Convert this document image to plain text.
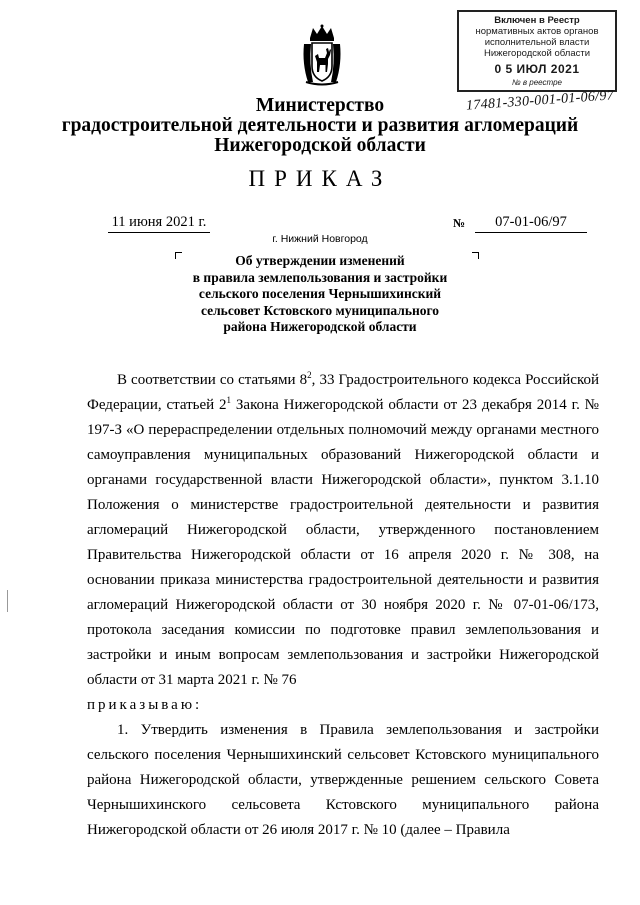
Включен в Реестр
нормативных актов органов
исполнительной власти
Нижегородской области
0 5 ИЮЛ 2021
№ в реестре
17481-330-001-01-06/97
Министерство
градостроительной деятельности и развития агломераций
Нижегородской области
ПРИКАЗ
11 июня 2021 г.	№	07-01-06/97
г. Нижний Новгород
Об утверждении изменений
в правила землепользования и застройки
сельского поселения Чернышихинский
сельсовет Кстовского муниципального
района Нижегородской области

В соответствии со статьями $8^2$, 33 Градостроительного кодекса Российской Федерации, статьей $2^1$ Закона Нижегородской области от 23 декабря 2014 г. № 197-З «О перераспределении отдельных полномочий между органами местного самоуправления муниципальных образований Нижегородской области и органами государственной власти Нижегородской области», пунктом 3.1.10 Положения о министерстве градостроительной деятельности и развития агломераций Нижегородской области, утвержденного постановлением Правительства Нижегородской области от 16 апреля 2020 г. № 308, на основании приказа министерства градостроительной деятельности и развития агломераций Нижегородской области от 30 ноября 2020 г. № 07-01-06/173, протокола заседания комиссии по подготовке правил землепользования и застройки и иным вопросам землепользования и застройки Нижегородской области от 31 марта 2021 г. № 76

приказываю:

1. Утвердить изменения в Правила землепользования и застройки сельского поселения Чернышихинский сельсовет Кстовского муниципального района Нижегородской области, утвержденные решением сельского Совета Чернышихинского сельсовета Кстовского муниципального района Нижегородской области от 26 июля 2017 г. № 10 (далее – Правила
